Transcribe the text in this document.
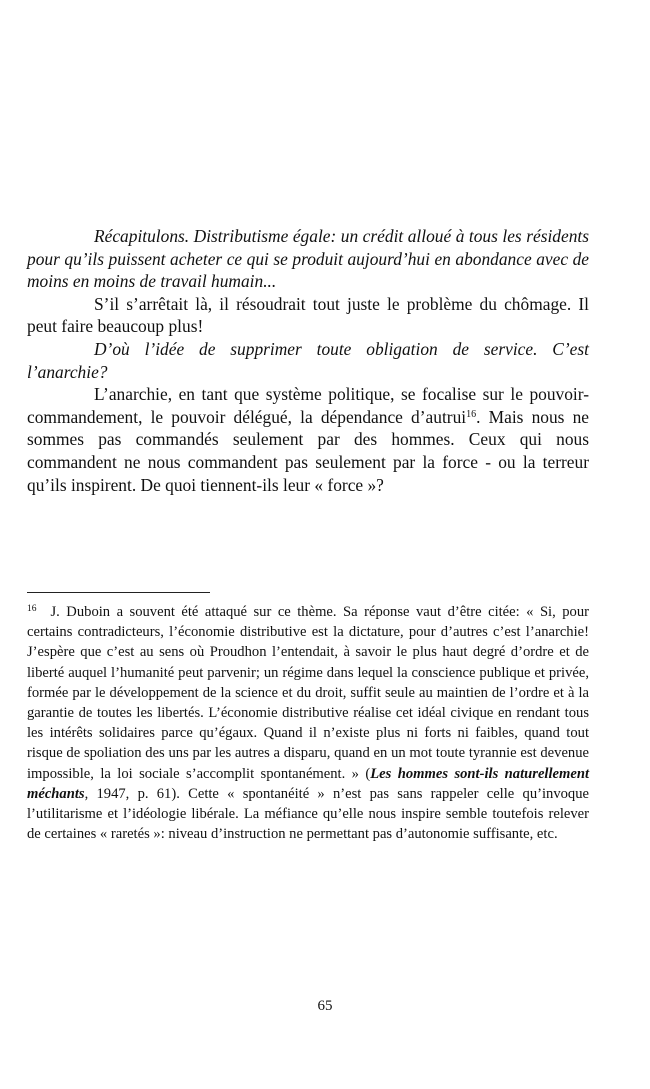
Récapitulons. Distributisme égale: un crédit alloué à tous les résidents pour qu’ils puissent acheter ce qui se produit aujourd’hui en abondance avec de moins en moins de travail humain...

S’il s’arrêtait là, il résoudrait tout juste le problème du chômage. Il peut faire beaucoup plus!

D’où l’idée de supprimer toute obligation de service. C’est l’anarchie?

L’anarchie, en tant que système politique, se focalise sur le pouvoir-commandement, le pouvoir délégué, la dépendance d’autrui$^{16}$. Mais nous ne sommes pas commandés seulement par des hommes. Ceux qui nous commandent ne nous commandent pas seulement par la force - ou la terreur qu’ils inspirent. De quoi tiennent-ils leur « force »?

$^{16}$ J. Duboin a souvent été attaqué sur ce thème. Sa réponse vaut d’être citée: « Si, pour certains contradicteurs, l’économie distributive est la dictature, pour d’autres c’est l’anarchie! J’espère que c’est au sens où Proudhon l’entendait, à savoir le plus haut degré d’ordre et de liberté auquel l’humanité peut parvenir; un régime dans lequel la conscience publique et privée, formée par le développement de la science et du droit, suffit seule au maintien de l’ordre et à la garantie de toutes les libertés. L’économie distributive réalise cet idéal civique en rendant tous les intérêts solidaires parce qu’égaux. Quand il n’existe plus ni forts ni faibles, quand tout risque de spoliation des uns par les autres a disparu, quand en un mot toute tyrannie est devenue impossible, la loi sociale s’accomplit spontanément. » (Les hommes sont-ils naturellement méchants, 1947, p. 61). Cette « spontanéité » n’est pas sans rappeler celle qu’invoque l’utilitarisme et l’idéologie libérale. La méfiance qu’elle nous inspire semble toutefois relever de certaines « raretés »: niveau d’instruction ne permettant pas d’autonomie suffisante, etc.

65
